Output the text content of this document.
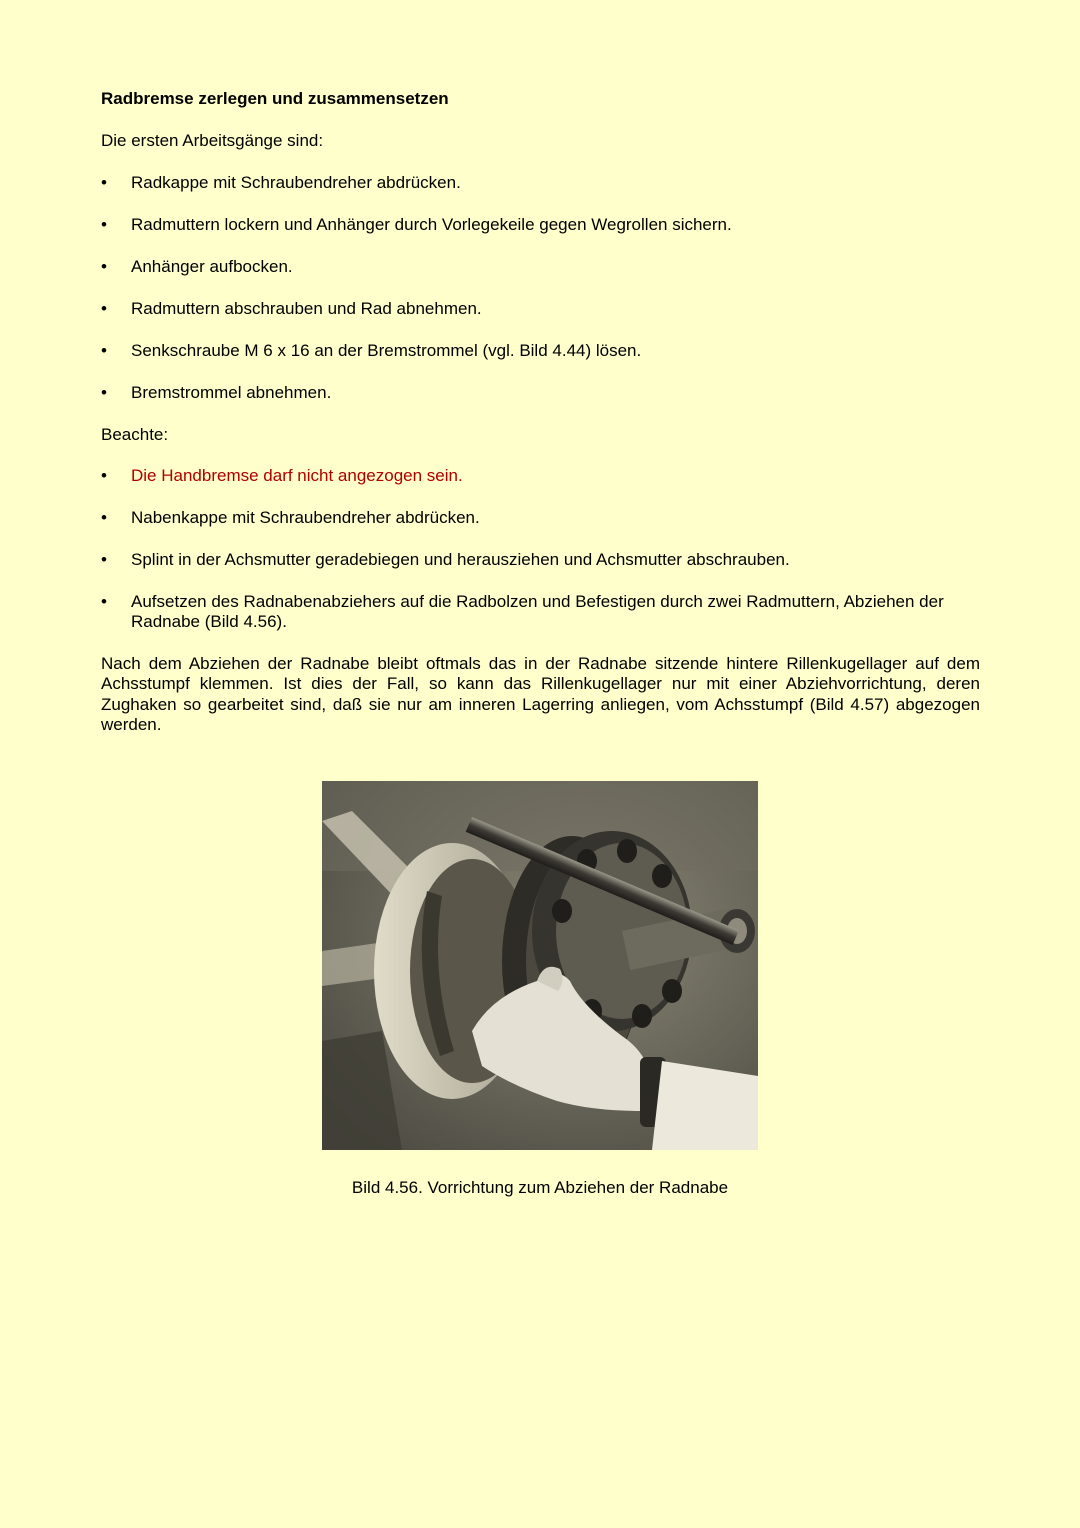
Radbremse zerlegen und zusammensetzen
Die ersten Arbeitsgänge sind:
• Radkappe mit Schraubendreher abdrücken.
• Radmuttern lockern und Anhänger durch Vorlegekeile gegen Wegrollen sichern.
• Anhänger aufbocken.
• Radmuttern abschrauben und Rad abnehmen.
• Senkschraube M 6 x 16 an der Bremstrommel (vgl. Bild 4.44) lösen.
• Bremstrommel abnehmen.
Beachte:
• Die Handbremse darf nicht angezogen sein.
• Nabenkappe mit Schraubendreher abdrücken.
• Splint in der Achsmutter geradebiegen und herausziehen und Achsmutter abschrauben.
• Aufsetzen des Radnabenabziehers auf die Radbolzen und Befestigen durch zwei Radmuttern, Abziehen der Radnabe (Bild 4.56).
Nach dem Abziehen der Radnabe bleibt oftmals das in der Radnabe sitzende hintere Rillenkugellager auf dem Achsstumpf klemmen. Ist dies der Fall, so kann das Rillenkugellager nur mit einer Abziehvorrichtung, deren Zughaken so gearbeitet sind, daß sie nur am inneren Lagerring anliegen, vom Achsstumpf (Bild 4.57) abgezogen werden.
Bild 4.56. Vorrichtung zum Abziehen der Radnabe
